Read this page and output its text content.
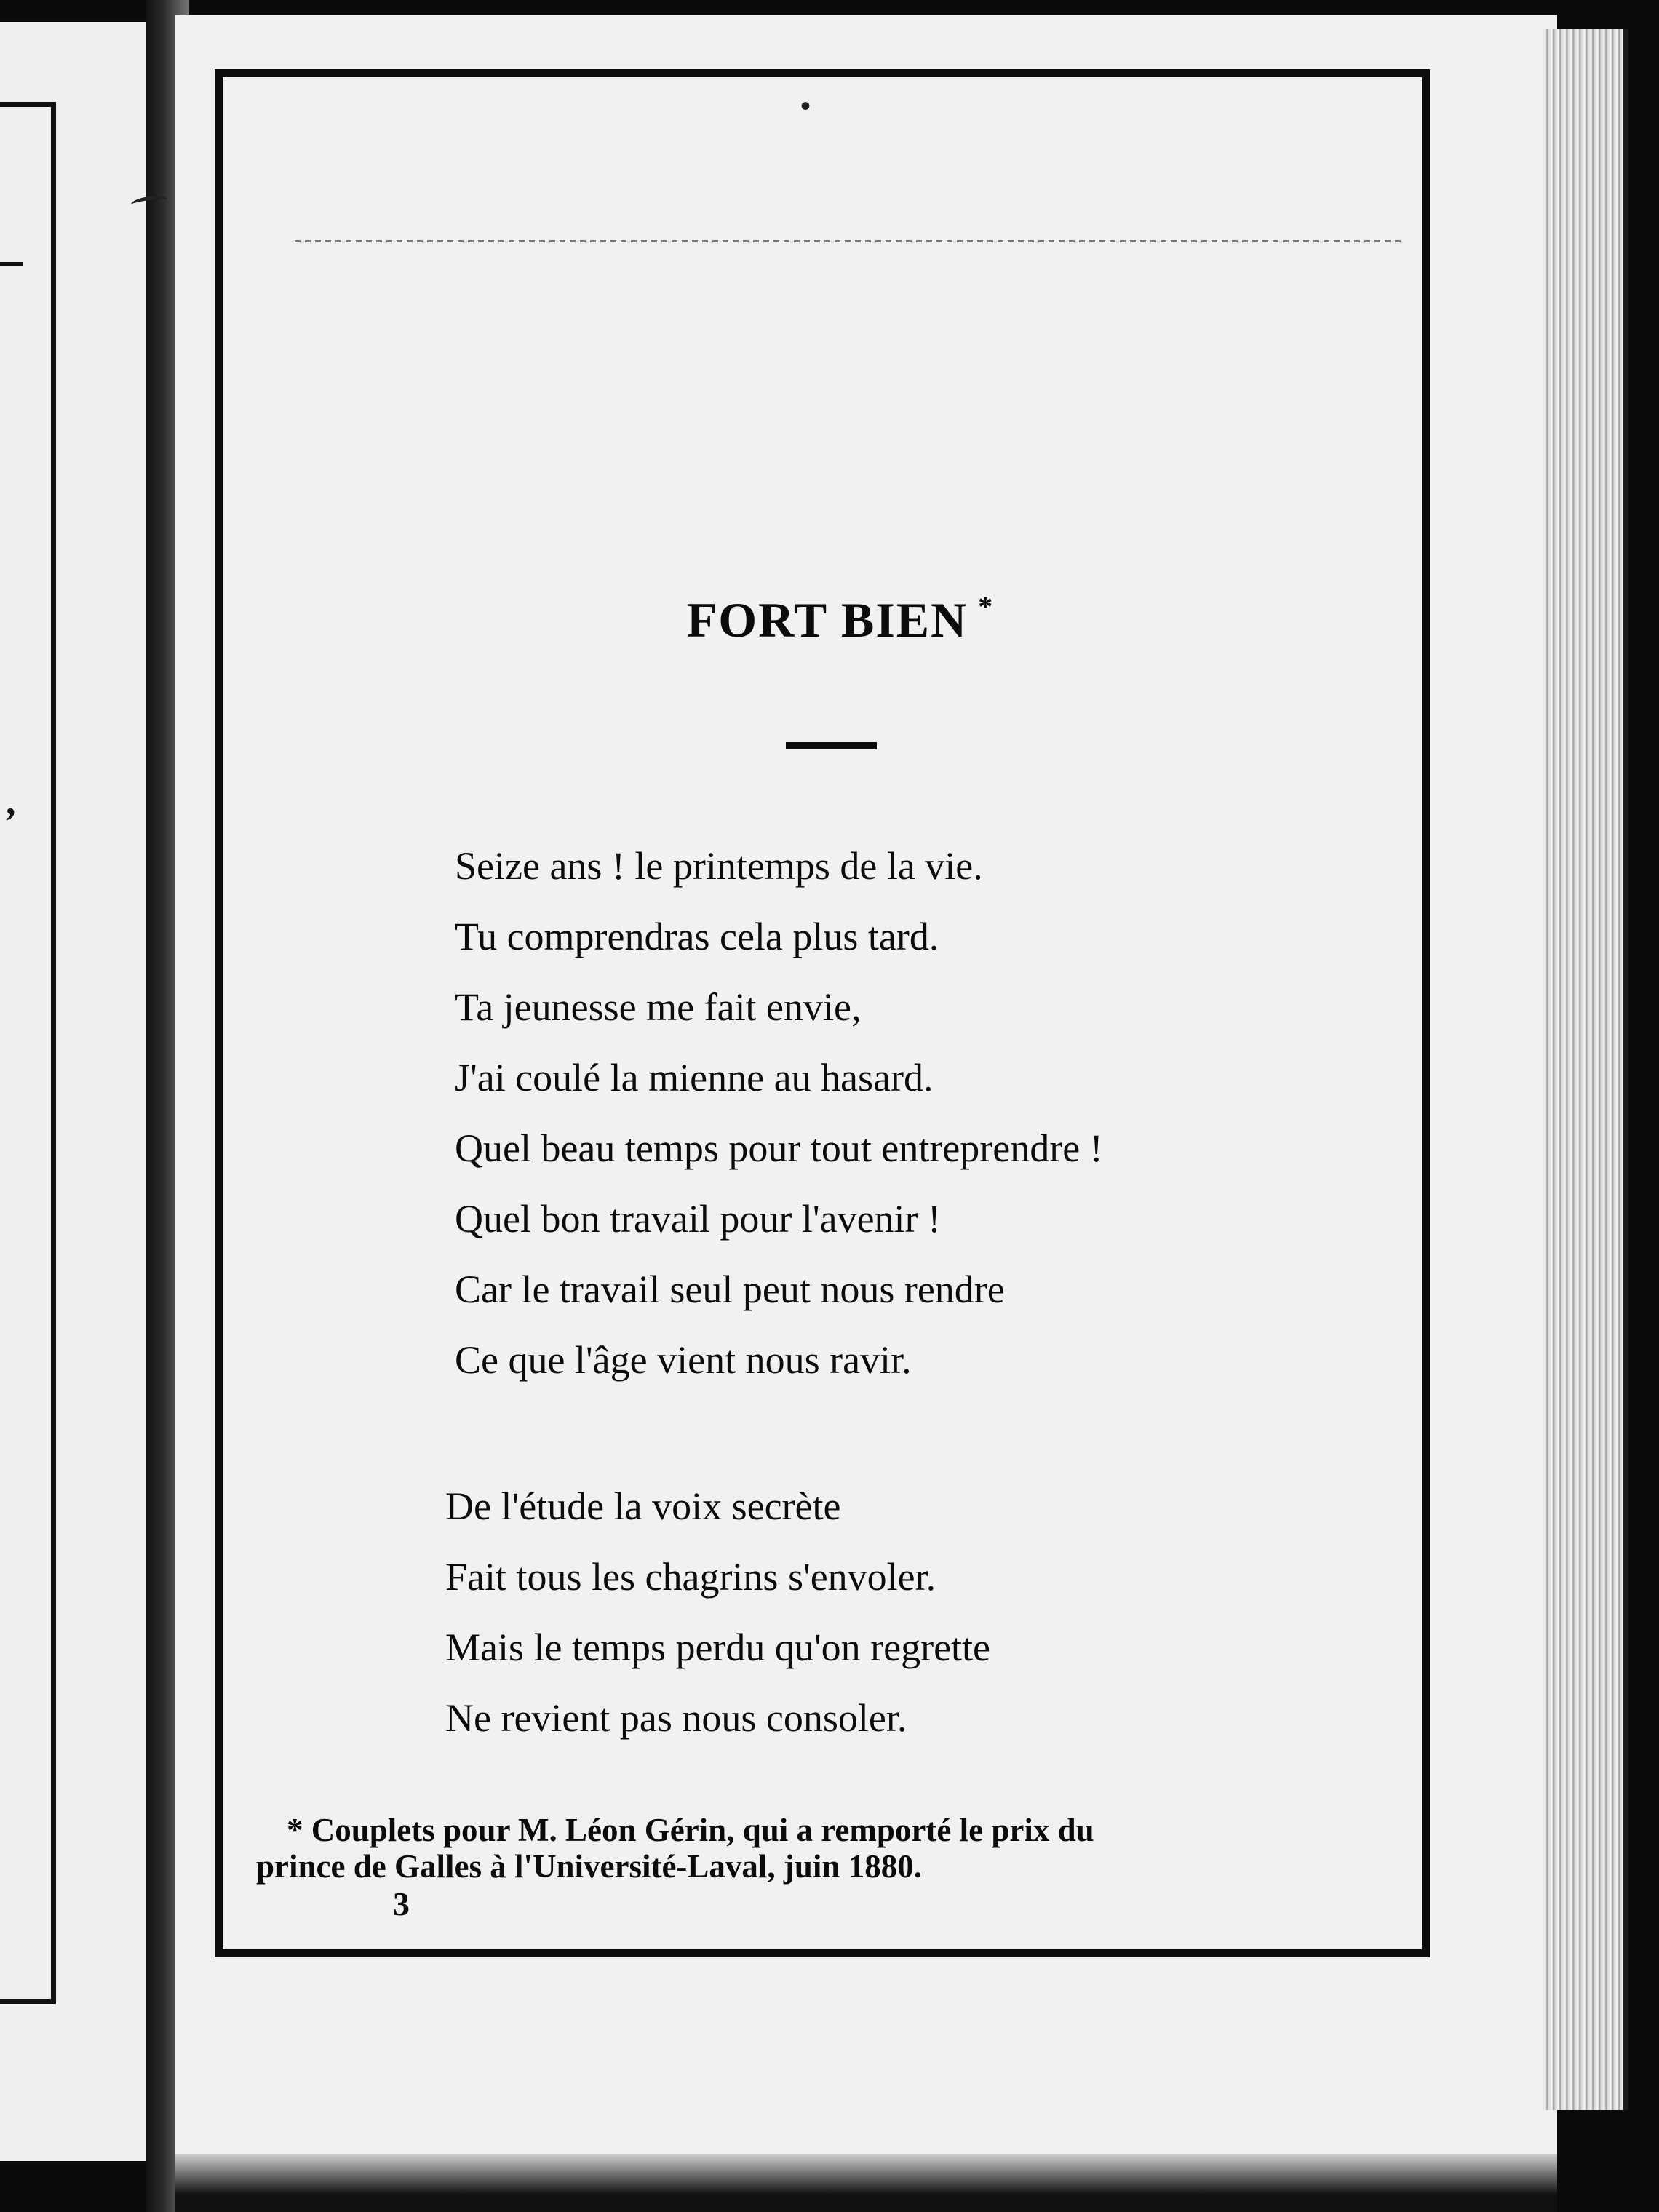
,
•
FORT BIEN *
Seize ans ! le printemps de la vie.
Tu comprendras cela plus tard.
Ta jeunesse me fait envie,
J'ai coulé la mienne au hasard.
Quel beau temps pour tout entreprendre !
Quel bon travail pour l'avenir !
Car le travail seul peut nous rendre
Ce que l'âge vient nous ravir.
De l'étude la voix secrète
Fait tous les chagrins s'envoler.
Mais le temps perdu qu'on regrette
Ne revient pas nous consoler.
* Couplets pour M. Léon Gérin, qui a remporté le prix du
prince de Galles à l'Université-Laval, juin 1880.
3
